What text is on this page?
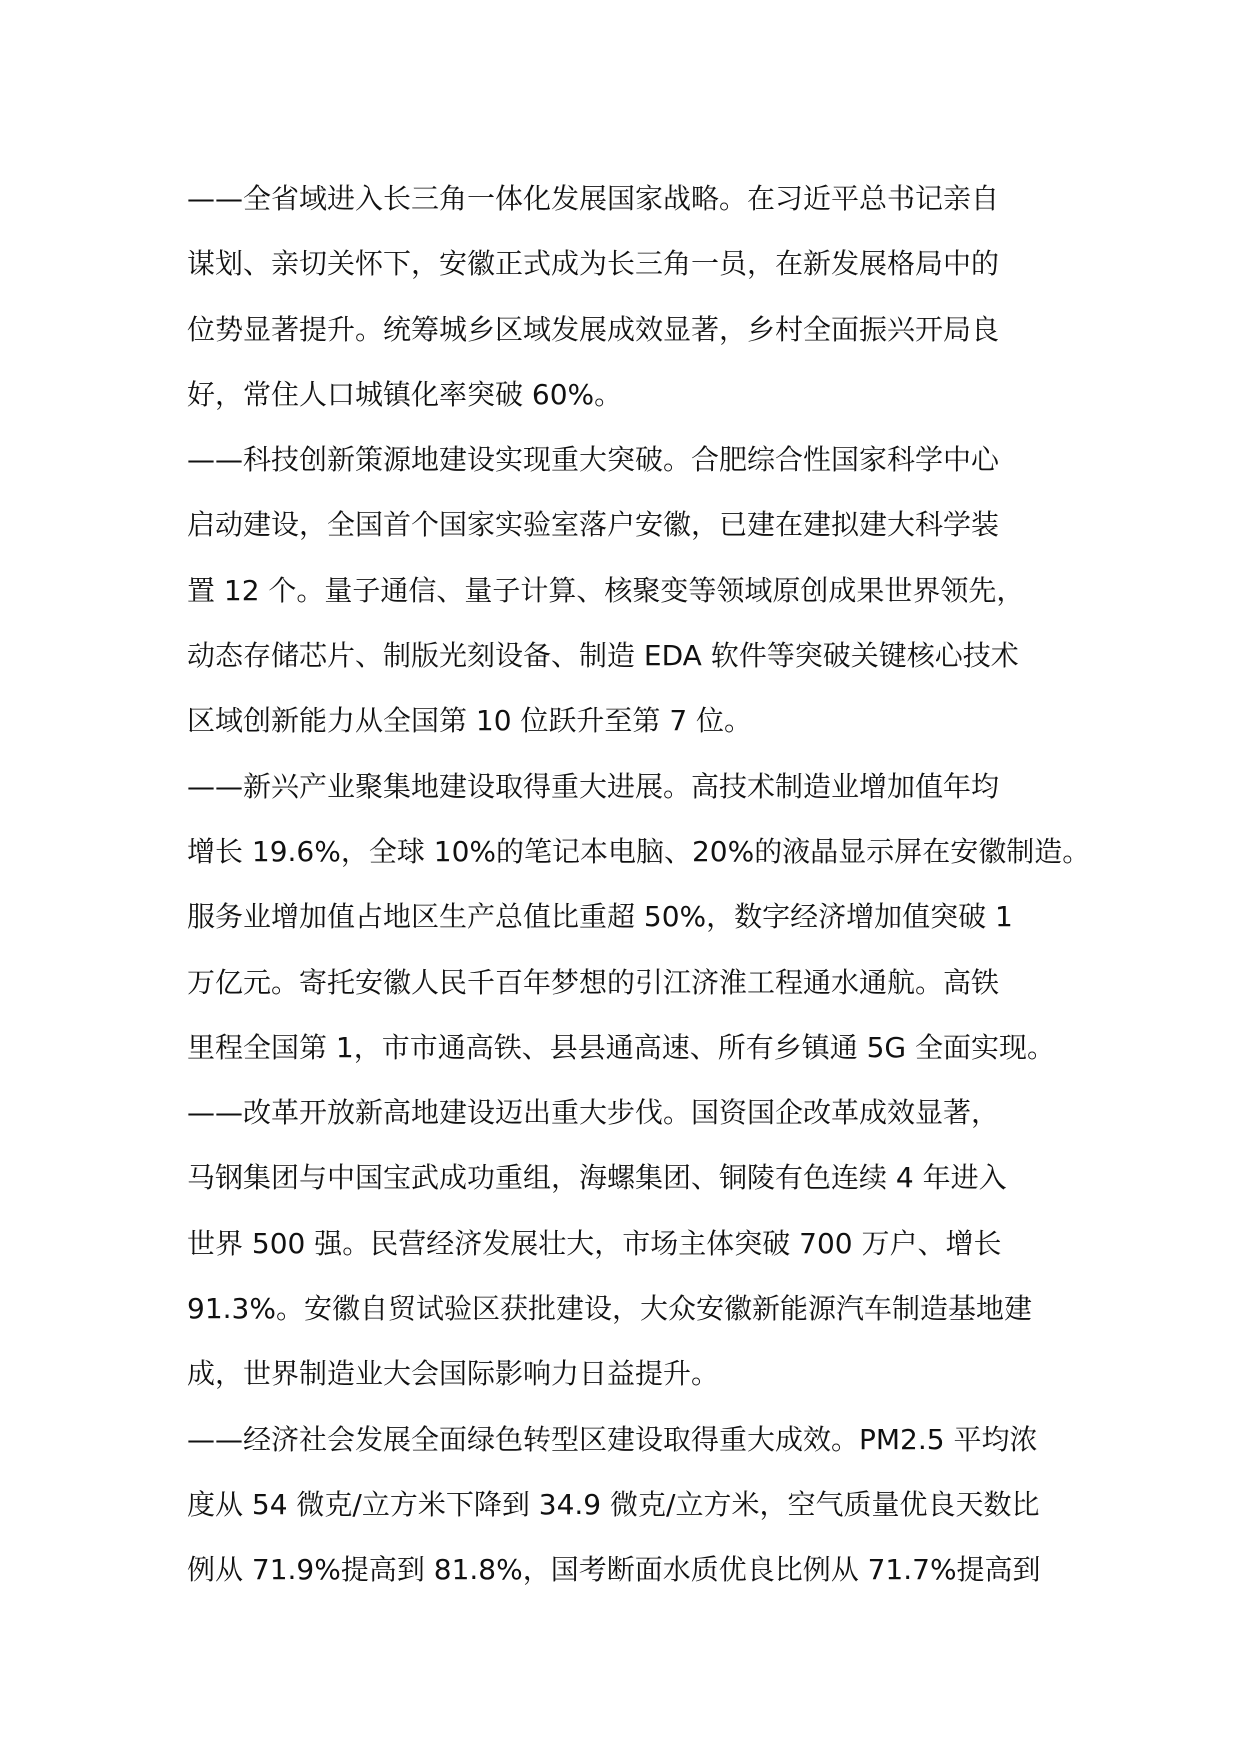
——全省域进入长三角一体化发展国家战略。在习近平总书记亲自
谋划、亲切关怀下，安徽正式成为长三角一员，在新发展格局中的
位势显著提升。统筹城乡区域发展成效显著，乡村全面振兴开局良
好，常住人口城镇化率突破 60%。
——科技创新策源地建设实现重大突破。合肥综合性国家科学中心
启动建设，全国首个国家实验室落户安徽，已建在建拟建大科学装
置 12 个。量子通信、量子计算、核聚变等领域原创成果世界领先，
动态存储芯片、制版光刻设备、制造 EDA 软件等突破关键核心技术
区域创新能力从全国第 10 位跃升至第 7 位。
——新兴产业聚集地建设取得重大进展。高技术制造业增加值年均
增长 19.6%，全球 10%的笔记本电脑、20%的液晶显示屏在安徽制造。
服务业增加值占地区生产总值比重超 50%，数字经济增加值突破 1
万亿元。寄托安徽人民千百年梦想的引江济淮工程通水通航。高铁
里程全国第 1，市市通高铁、县县通高速、所有乡镇通 5G 全面实现。
——改革开放新高地建设迈出重大步伐。国资国企改革成效显著，
马钢集团与中国宝武成功重组，海螺集团、铜陵有色连续 4 年进入
世界 500 强。民营经济发展壮大，市场主体突破 700 万户、增长
91.3%。安徽自贸试验区获批建设，大众安徽新能源汽车制造基地建
成，世界制造业大会国际影响力日益提升。
——经济社会发展全面绿色转型区建设取得重大成效。PM2.5 平均浓
度从 54 微克/立方米下降到 34.9 微克/立方米，空气质量优良天数比
例从 71.9%提高到 81.8%，国考断面水质优良比例从 71.7%提高到
